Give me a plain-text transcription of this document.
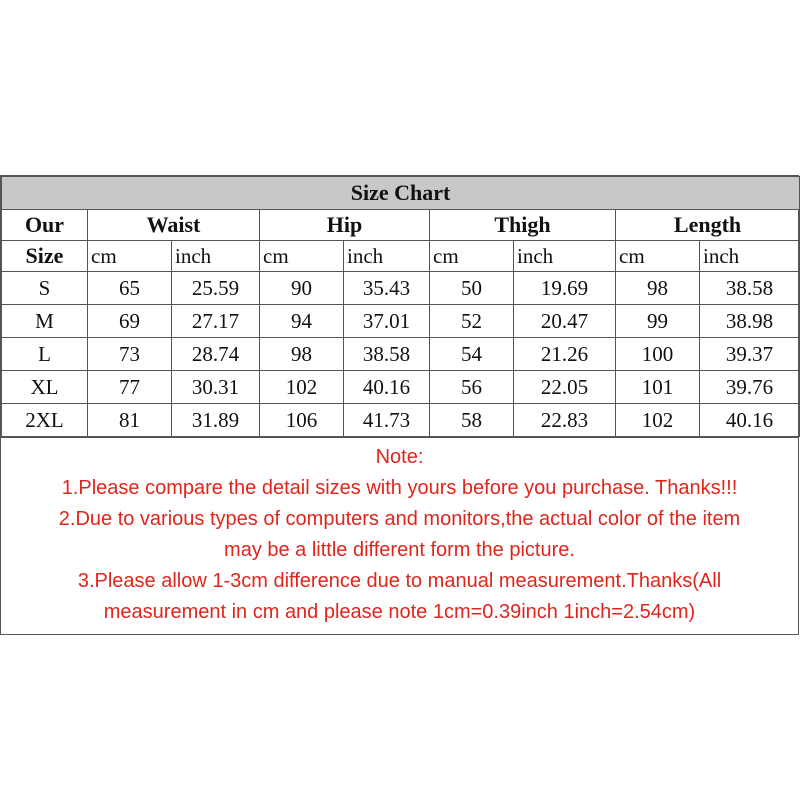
Size Chart								
Our	Waist		Hip		Thigh		Length	
Size	cm	inch	cm	inch	cm	inch	cm	inch
S	65	25.59	90	35.43	50	19.69	98	38.58
M	69	27.17	94	37.01	52	20.47	99	38.98
L	73	28.74	98	38.58	54	21.26	100	39.37
XL	77	30.31	102	40.16	56	22.05	101	39.76
2XL	81	31.89	106	41.73	58	22.83	102	40.16
Note:
1.Please compare the detail sizes with yours before you purchase. Thanks!!!
2.Due to various types of computers and monitors,the actual color of the item
may be a little different form the picture.
3.Please allow 1-3cm difference due to manual measurement.Thanks(All
measurement in cm and please note 1cm=0.39inch 1inch=2.54cm)
